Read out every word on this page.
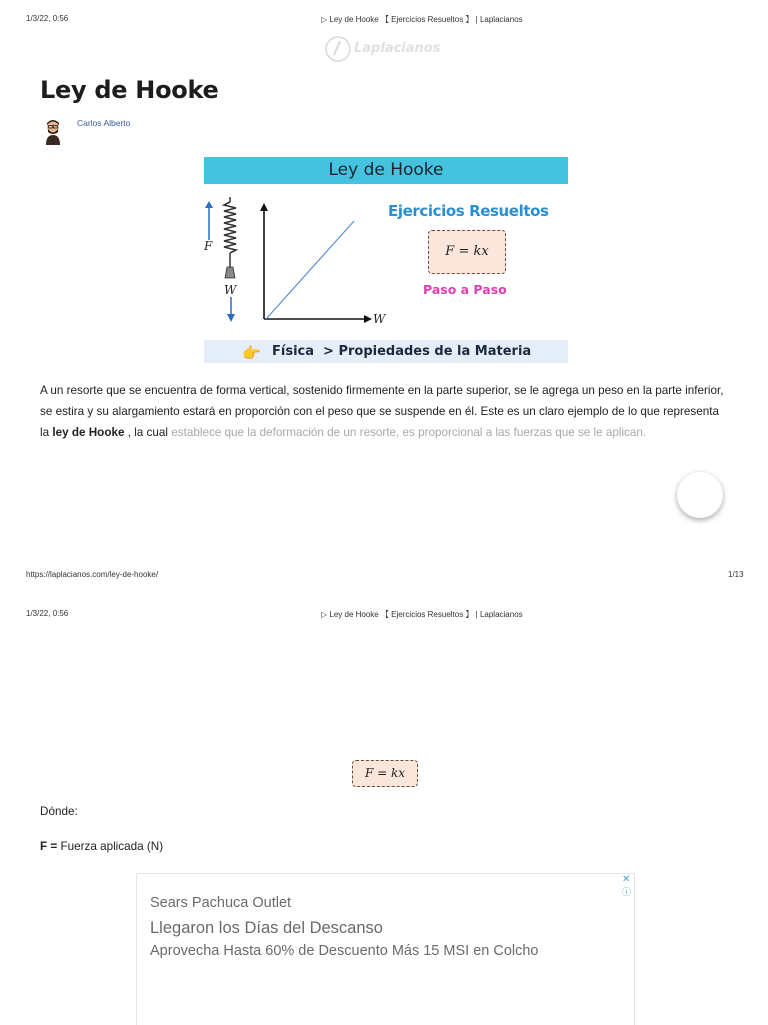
1/3/22, 0:56	▷ Ley de Hooke 【 Ejercicios Resueltos 】 | Laplacianos
Laplacianos
Ley de Hooke
Carlos Alberto
Ley de Hooke
F
W
W
Ejercicios Resueltos
F = kx
Paso a Paso
👉 Física  > Propiedades de la Materia
A un resorte que se encuentra de forma vertical, sostenido firmemente en la parte superior, se le agrega un peso en la parte inferior, se estira y su alargamiento estará en proporción con el peso que se suspende en él. Este es un claro ejemplo de lo que representa la ley de Hooke , la cual establece que la deformación de un resorte, es proporcional a las fuerzas que se le aplican.
https://laplacianos.com/ley-de-hooke/	1/13
1/3/22, 0:56	▷ Ley de Hooke 【 Ejercicios Resueltos 】 | Laplacianos
F = kx
Dónde:
F = Fuerza aplicada (N)
✕
ⓘ
Sears Pachuca Outlet
Llegaron los Días del Descanso
Aprovecha Hasta 60% de Descuento Más 15 MSI en Colcho
